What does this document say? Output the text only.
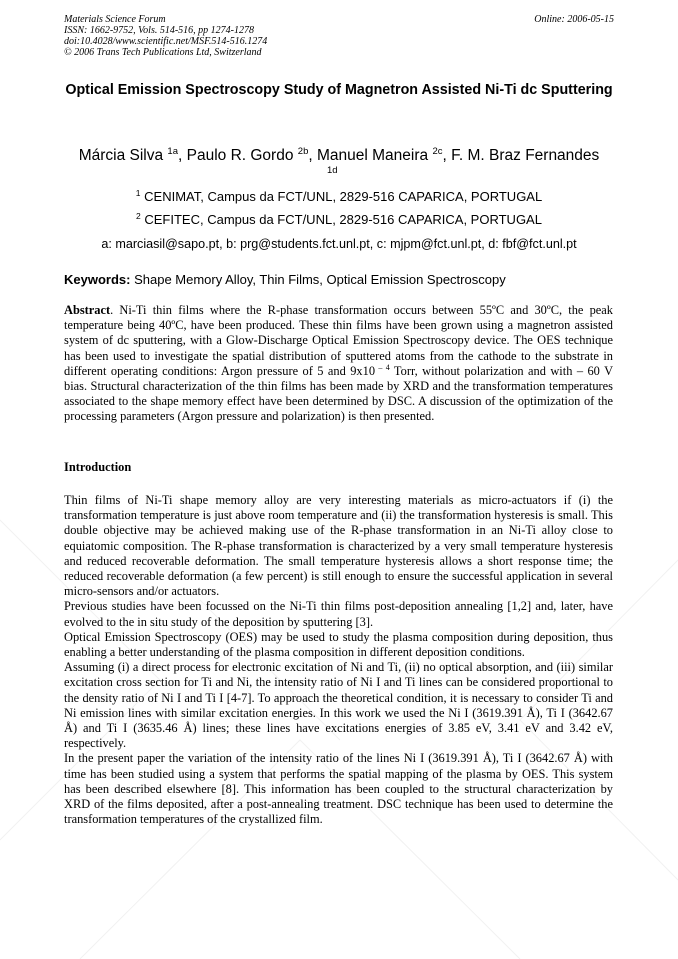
Materials Science Forum
ISSN: 1662-9752, Vols. 514-516, pp 1274-1278
doi:10.4028/www.scientific.net/MSF.514-516.1274
© 2006 Trans Tech Publications Ltd, Switzerland
Online: 2006-05-15
Optical Emission Spectroscopy Study of Magnetron Assisted Ni-Ti dc Sputtering
Márcia Silva $^{1a}$, Paulo R. Gordo $^{2b}$, Manuel Maneira $^{2c}$, F. M. Braz Fernandes
1d
$^1$ CENIMAT, Campus da FCT/UNL, 2829-516 CAPARICA, PORTUGAL
$^2$ CEFITEC, Campus da FCT/UNL, 2829-516 CAPARICA, PORTUGAL
a: marciasil@sapo.pt, b: prg@students.fct.unl.pt, c: mjpm@fct.unl.pt, d: fbf@fct.unl.pt
Keywords: Shape Memory Alloy, Thin Films, Optical Emission Spectroscopy
Abstract. Ni-Ti thin films where the R-phase transformation occurs between 55ºC and 30ºC, the peak temperature being 40ºC, have been produced. These thin films have been grown using a magnetron assisted system of dc sputtering, with a Glow-Discharge Optical Emission Spectroscopy device. The OES technique has been used to investigate the spatial distribution of sputtered atoms from the cathode to the substrate in different operating conditions: Argon pressure of 5 and 9x10 $^{- 4}$ Torr, without polarization and with – 60 V bias. Structural characterization of the thin films has been made by XRD and the transformation temperatures associated to the shape memory effect have been determined by DSC. A discussion of the optimization of the processing parameters (Argon pressure and polarization) is then presented.
Introduction

Thin films of Ni-Ti shape memory alloy are very interesting materials as micro-actuators if (i) the transformation temperature is just above room temperature and (ii) the transformation hysteresis is small. This double objective may be achieved making use of the R-phase transformation in an Ni-Ti alloy close to equiatomic composition. The R-phase transformation is characterized by a very small temperature hysteresis and reduced recoverable deformation. The small temperature hysteresis allows a short response time; the reduced recoverable deformation (a few percent) is still enough to ensure the successful application in several micro-sensors and/or actuators.

Previous studies have been focussed on the Ni-Ti thin films post-deposition annealing [1,2] and, later, have evolved to the in situ study of the deposition by sputtering [3].

Optical Emission Spectroscopy (OES) may be used to study the plasma composition during deposition, thus enabling a better understanding of the plasma composition in different deposition conditions.

Assuming (i) a direct process for electronic excitation of Ni and Ti, (ii) no optical absorption, and (iii) similar excitation cross section for Ti and Ni, the intensity ratio of Ni I and Ti lines can be considered proportional to the density ratio of Ni I and Ti I [4-7]. To approach the theoretical condition, it is necessary to consider Ti and Ni emission lines with similar excitation energies. In this work we used the Ni I (3619.391 Å), Ti I (3642.67 Å) and Ti I (3635.46 Å) lines; these lines have excitations energies of 3.85 eV, 3.41 eV and 3.42 eV, respectively.

In the present paper the variation of the intensity ratio of the lines Ni I (3619.391 Å), Ti I (3642.67 Å) with time has been studied using a system that performs the spatial mapping of the plasma by OES. This system has been described elsewhere [8]. This information has been coupled to the structural characterization by XRD of the films deposited, after a post-annealing treatment. DSC technique has been used to determine the transformation temperatures of the crystallized film.
